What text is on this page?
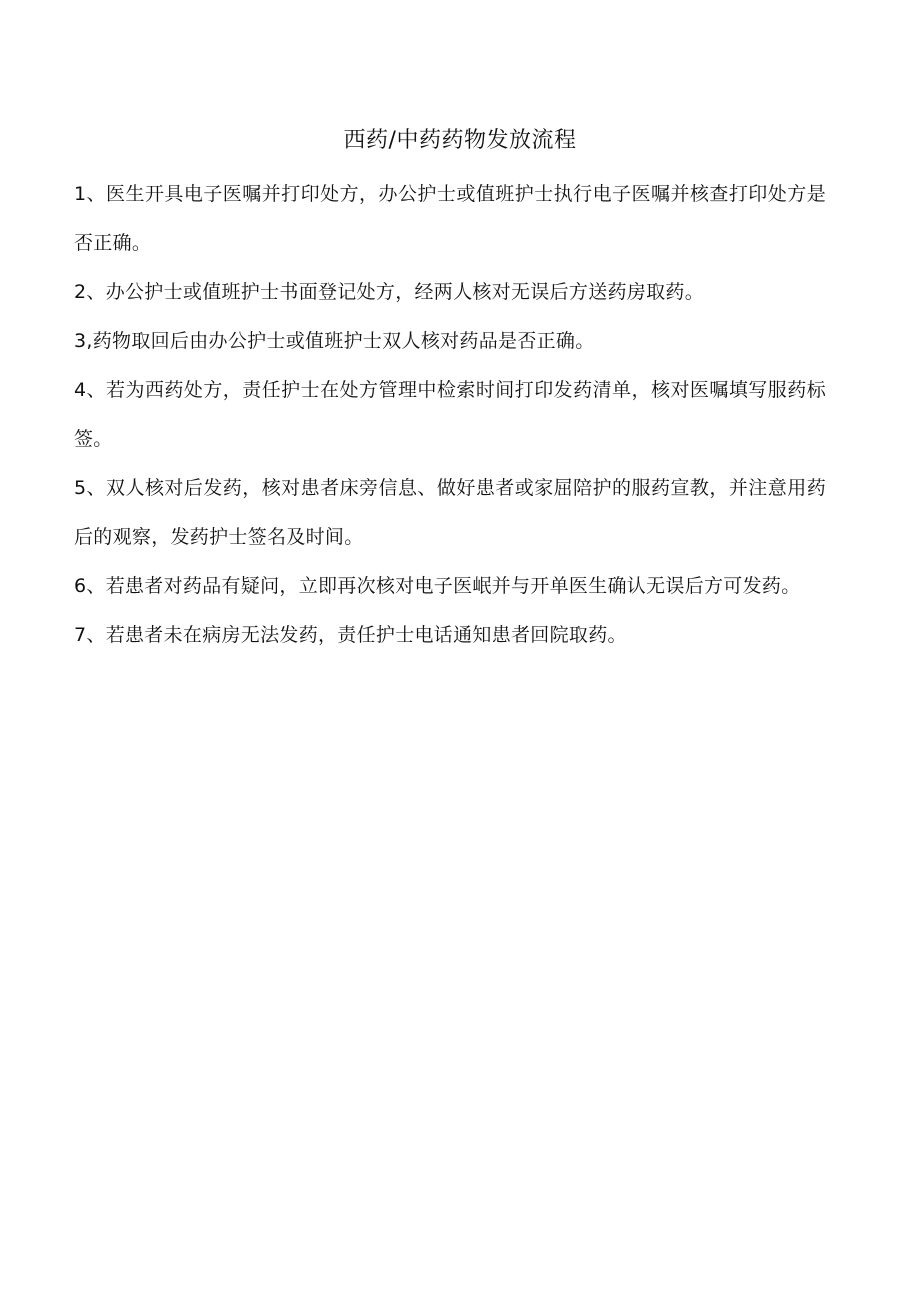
西药/中药药物发放流程
1、医生开具电子医嘱并打印处方，办公护士或值班护士执行电子医嘱并核查打印处方是否正确。
2、办公护士或值班护士书面登记处方，经两人核对无误后方送药房取药。
3,药物取回后由办公护士或值班护士双人核对药品是否正确。
4、若为西药处方，责任护士在处方管理中检索时间打印发药清单，核对医嘱填写服药标签。
5、双人核对后发药，核对患者床旁信息、做好患者或家屈陪护的服药宣教，并注意用药后的观察，发药护士签名及时间。
6、若患者对药品有疑问，立即再次核对电子医岷并与开单医生确认无误后方可发药。
7、若患者未在病房无法发药，责任护士电话通知患者回院取药。
